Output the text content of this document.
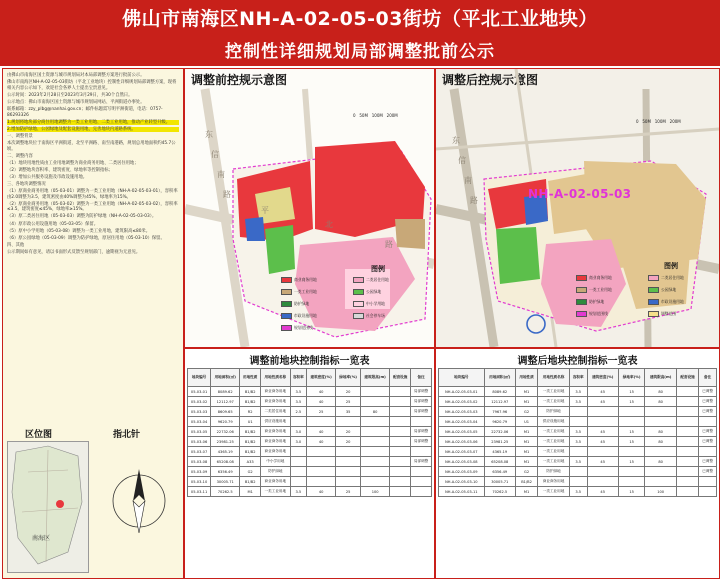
佛山市南海区NH-A-02-05-03街坊（平北工业地块）
控制性详细规划局部调整批前公示

由佛山市南海区国土资源与城市规划局对本局部调整方案进行批前公示。

佛山市南海区NH-A-02-05-03街坊（平北工业地块）控制性详细规划局部调整方案，现将相关内容公示如下，欢迎社会各界人士提出宝贵意见。

公示时间：2023年2月28日至2023年3月29日，共30个自然日。

公示地点：佛山市南海区国土资源与城市规划局网站、平洲街道办事处。

联系邮箱：zzy_plbg@nanhai.gov.cn；邮件标题需写明平洲街道，电话：0757-86293326

1.规划将地块部分商住用地调整为一类工业用地、二类工业用地，推动产业转型升级。

2.增加防护绿地、公园绿地及配套设施用地，完善地块内道路系统。

一、调整背景

本次调整地块位于南海区平洲街道，北至平洲路、南至南港路，规划总用地面积约45.7公顷。

二、调整内容

（1）地块用地性质由工业用地调整为商业商务用地、二类居住用地；

（2）调整地块容积率、建筑密度、绿地率等控制指标；

（3）增加公共服务设施及市政设施用地。

三、各地块调整情况

（1）原商业商务用地（05-03-01）调整为一类工业用地（NH-A-02-05-03-01），容积率由2.0调整为3.5，建筑密度由40%调整为45%，绿地率为15%。

（2）原商业商务用地（05-03-02）调整为一类工业用地（NH-A-02-05-03-02），容积率≤3.5，建筑密度≤45%，绿地率≥15%。

（3）原二类居住用地（05-03-03）调整为防护绿地（NH-A-02-05-03-03）。

（4）原市政公用设施用地（05-03-05）保留。

（5）原中小学用地（05-03-08）调整为一类工业用地，建筑限高≤80米。

（6）原公园绿地（05-03-09）调整为防护绿地，原居住用地（05-03-10）保留。

四、其他

公示期间如有意见，请以书面形式反馈至规划部门，逾期视为无意见。

区位图	指北针
南海区
调整前控规示意图
东
信
南
路
平
北
路
0 50M 100M 200M
图例
商业商务用地	二类居住用地
一类工业用地	公园绿地
防护绿地	中小学用地
市政设施用地	社会停车场
规划范围线
调整后控规示意图
NH-A-02-05-03
东
信
南
路
0 50M 100M 200M
图例
商业商务用地	二类居住用地
一类工业用地	公园绿地
防护绿地	市政设施用地
规划范围线	调整范围
调整前地块控制指标一览表
地块编号	用地面积(㎡)	用地性质	用地性质名称	容积率	建筑密度(%)	绿地率(%)	建筑限高(m)	配套设施	备注
05-03-01	8089.62	B1/B2	商业商务用地	3.5	40	20			局部调整
05-03-02	12112.97	B1/B2	商业商务用地	3.5	40	25			局部调整
05-03-03	8609.65	R2	二类居住用地	2.5	25	35	80		局部调整
05-03-04	9620.79	U1	供应设施用地						
05-03-05	22732.06	B1/B2	商业商务用地	3.0	40	20			局部调整
05-03-06	23981.25	B1/B2	商业商务用地	3.0	40	20			局部调整
05-03-07	4365.19	B1/B2	商业商务用地						
05-03-08	65208.08	A33	中小学用地						局部调整
05-03-09	6356.49	G2	防护绿地						
05-03-10	30005.71	B1/B2	商业商务用地						
05-03-11	70262.5	M1	一类工业用地	3.5	40	25	100		
调整后地块控制指标一览表
地块编号	用地面积(㎡)	用地性质	用地性质名称	容积率	建筑密度(%)	绿地率(%)	建筑限高(m)	配套设施	备注
NH-A-02-05-03-01	8089.62	M1	一类工业用地	3.5	45	15	80		已调整
NH-A-02-05-03-02	12112.97	M1	一类工业用地	3.5	45	15	80		已调整
NH-A-02-05-03-03	7967.96	G2	防护绿地						已调整
NH-A-02-05-03-04	9620.79	U1	供应设施用地						
NH-A-02-05-03-05	22732.06	M1	一类工业用地	3.5	45	15	80		已调整
NH-A-02-05-03-06	23981.25	M1	一类工业用地	3.5	45	15	80		已调整
NH-A-02-05-03-07	4365.19	M1	一类工业用地						
NH-A-02-05-03-08	65208.08	M1	一类工业用地	3.5	45	15	80		已调整
NH-A-02-05-03-09	6356.49	G2	防护绿地						已调整
NH-A-02-05-03-10	30005.71	B1/B2	商业商务用地						
NH-A-02-05-03-11	70262.5	M1	一类工业用地	3.5	45	15	100		
